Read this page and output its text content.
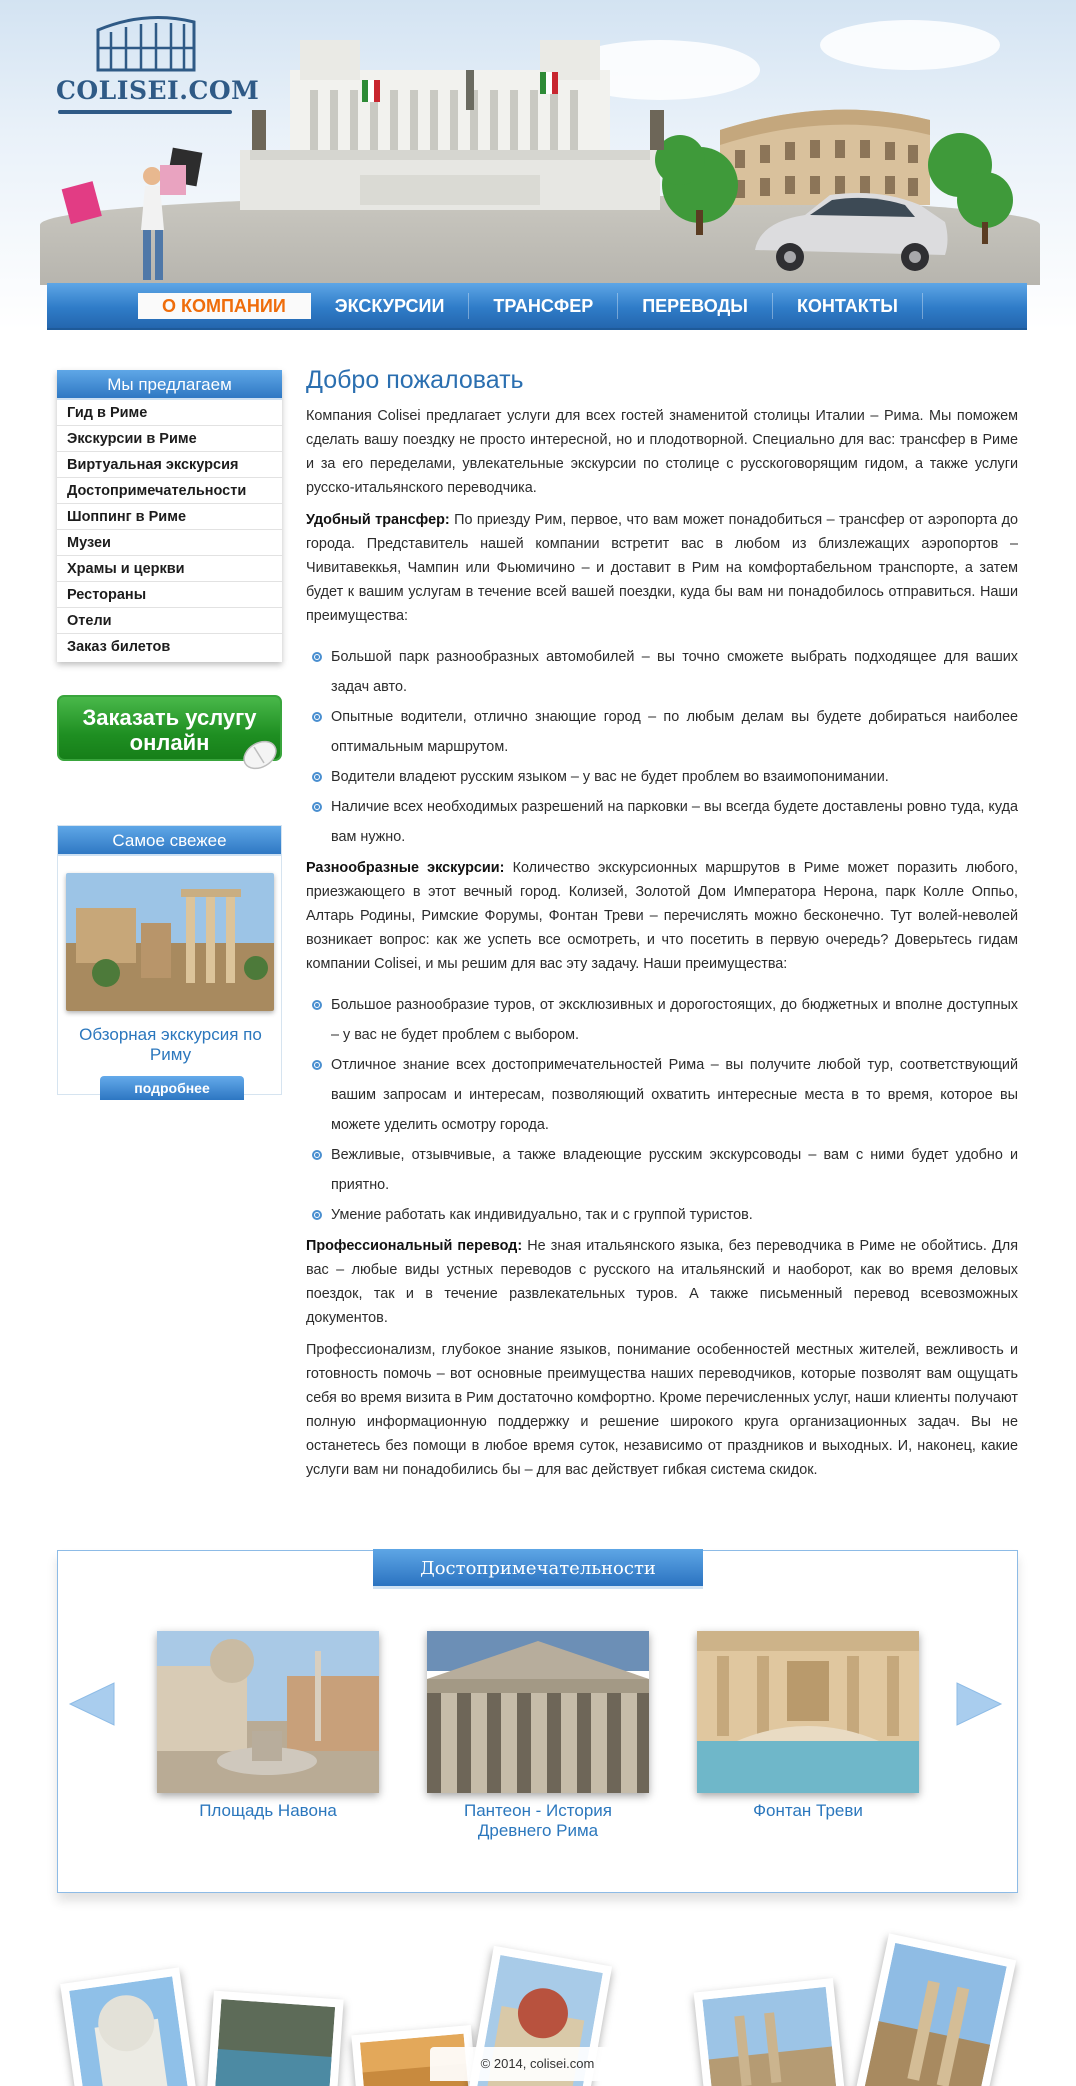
COLISEI.COM
О КОМПАНИИ	ЭКСКУРСИИ	ТРАНСФЕР	ПЕРЕВОДЫ	КОНТАКТЫ
Мы предлагаем
Гид в Риме
Экскурсии в Риме
Виртуальная экскурсия
Достопримечательности
Шоппинг в Риме
Музеи
Храмы и церкви
Рестораны
Отели
Заказ билетов
Заказать услугу онлайн
Самое свежее
Обзорная экскурсия по Риму
подробнее
Добро пожаловать

Компания Colisei предлагает услуги для всех гостей знаменитой столицы Италии – Рима. Мы поможем сделать вашу поездку не просто интересной, но и плодотворной. Специально для вас: трансфер в Риме и за его переделами, увлекательные экскурсии по столице с русскоговорящим гидом, а также услуги русско-итальянского переводчика.

Удобный трансфер: По приезду Рим, первое, что вам может понадобиться – трансфер от аэропорта до города. Представитель нашей компании встретит вас в любом из близлежащих аэропортов – Чивитавеккья, Чампин или Фьюмичино – и доставит в Рим на комфортабельном транспорте, а затем будет к вашим услугам в течение всей вашей поездки, куда бы вам ни понадобилось отправиться. Наши преимущества:

Большой парк разнообразных автомобилей – вы точно сможете выбрать подходящее для ваших задач авто.
Опытные водители, отлично знающие город – по любым делам вы будете добираться наиболее оптимальным маршрутом.
Водители владеют русским языком – у вас не будет проблем во взаимопонимании.
Наличие всех необходимых разрешений на парковки – вы всегда будете доставлены ровно туда, куда вам нужно.

Разнообразные экскурсии: Количество экскурсионных маршрутов в Риме может поразить любого, приезжающего в этот вечный город. Колизей, Золотой Дом Императора Нерона, парк Колле Оппьо, Алтарь Родины, Римские Форумы, Фонтан Треви – перечислять можно бесконечно. Тут волей-неволей возникает вопрос: как же успеть все осмотреть, и что посетить в первую очередь? Доверьтесь гидам компании Colisei, и мы решим для вас эту задачу. Наши преимущества:

Большое разнообразие туров, от эксклюзивных и дорогостоящих, до бюджетных и вполне доступных – у вас не будет проблем с выбором.
Отличное знание всех достопримечательностей Рима – вы получите любой тур, соответствующий вашим запросам и интересам, позволяющий охватить интересные места в то время, которое вы можете уделить осмотру города.
Вежливые, отзывчивые, а также владеющие русским экскурсоводы – вам с ними будет удобно и приятно.
Умение работать как индивидуально, так и с группой туристов.

Профессиональный перевод: Не зная итальянского языка, без переводчика в Риме не обойтись. Для вас – любые виды устных переводов с русского на итальянский и наоборот, как во время деловых поездок, так и в течение развлекательных туров. А также письменный перевод всевозможных документов.

Профессионализм, глубокое знание языков, понимание особенностей местных жителей, вежливость и готовность помочь – вот основные преимущества наших переводчиков, которые позволят вам ощущать себя во время визита в Рим достаточно комфортно. Кроме перечисленных услуг, наши клиенты получают полную информационную поддержку и решение широкого круга организационных задач. Вы не останетесь без помощи в любое время суток, независимо от праздников и выходных. И, наконец, какие услуги вам ни понадобились бы – для вас действует гибкая система скидок.

Достопримечательности
Площадь Навона	Пантеон - История Древнего Рима
Фонтан Треви
© 2014, colisei.com
